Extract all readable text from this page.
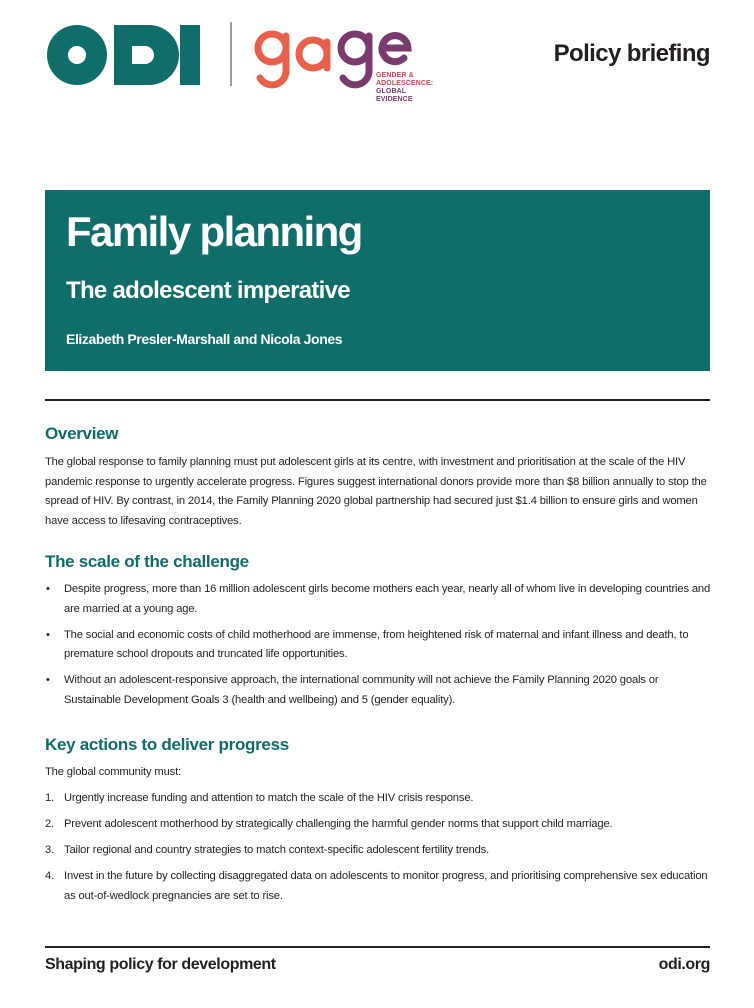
GENDER &
ADOLESCENCE:
GLOBAL
EVIDENCE
Policy briefing
Family planning
The adolescent imperative
Elizabeth Presler-Marshall and Nicola Jones
Overview

The global response to family planning must put adolescent girls at its centre, with investment and prioritisation at the scale of the HIV pandemic response to urgently accelerate progress. Figures suggest international donors provide more than $8 billion annually to stop the spread of HIV. By contrast, in 2014, the Family Planning 2020 global partnership had secured just $1.4 billion to ensure girls and women have access to lifesaving contraceptives.

The scale of the challenge
• Despite progress, more than 16 million adolescent girls become mothers each year, nearly all of whom live in developing countries and are married at a young age.
• The social and economic costs of child motherhood are immense, from heightened risk of maternal and infant illness and death, to premature school dropouts and truncated life opportunities.
• Without an adolescent-responsive approach, the international community will not achieve the Family Planning 2020 goals or Sustainable Development Goals 3 (health and wellbeing) and 5 (gender equality).
Key actions to deliver progress

The global community must:

1. Urgently increase funding and attention to match the scale of the HIV crisis response.
2. Prevent adolescent motherhood by strategically challenging the harmful gender norms that support child marriage.
3. Tailor regional and country strategies to match context-specific adolescent fertility trends.
4. Invest in the future by collecting disaggregated data on adolescents to monitor progress, and prioritising comprehensive sex education as out-of-wedlock pregnancies are set to rise.
Shaping policy for development	odi.org
